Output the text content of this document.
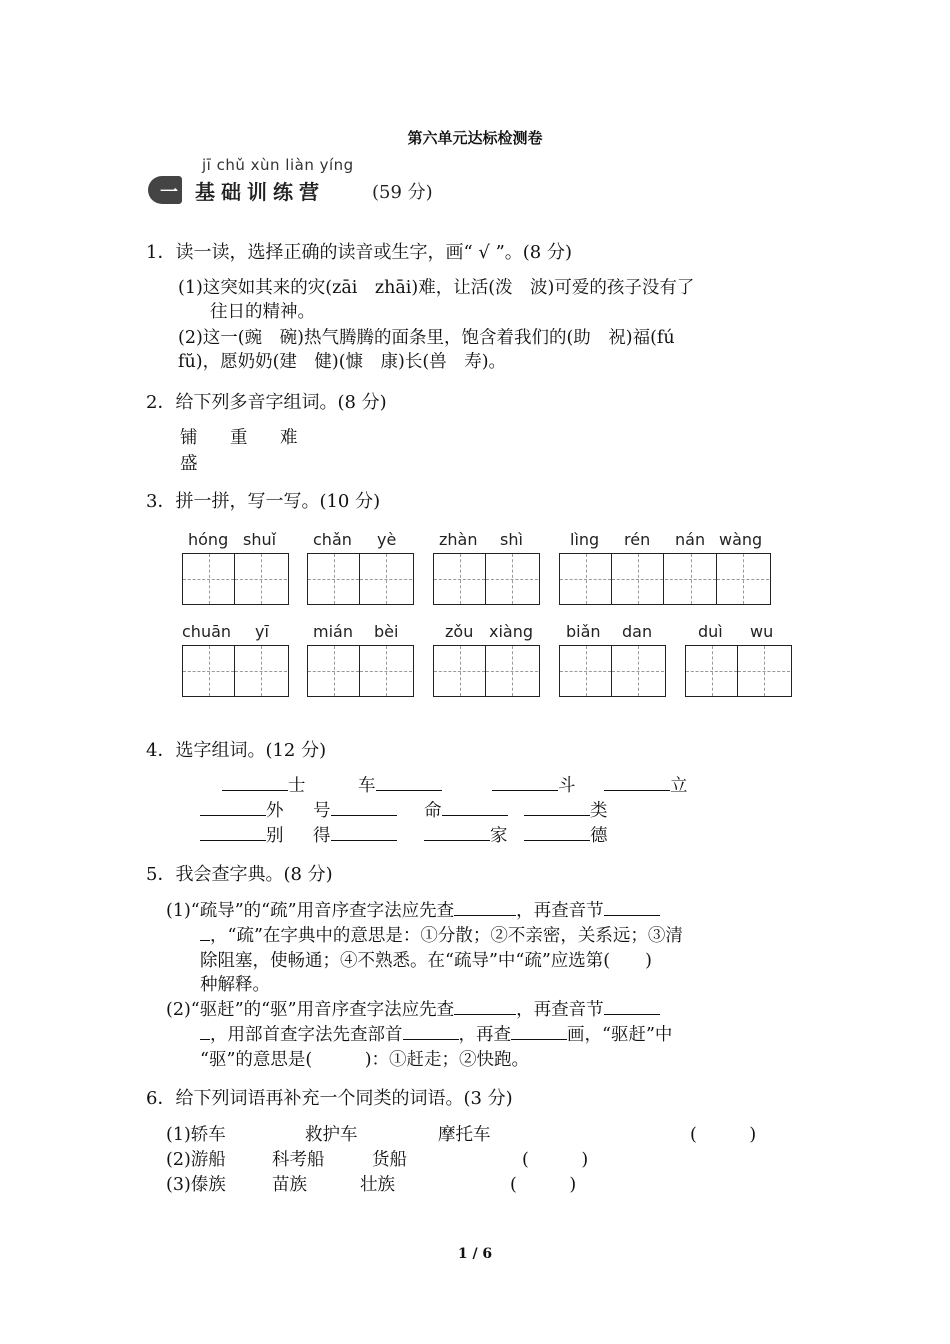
第六单元达标检测卷
jī chǔ xùn liàn yíng
一 基础训练营	(59 分)
1．读一读，选择正确的读音或生字，画“ √ ”。(8 分)
(1)这突如其来的灾(zāi　zhāi)难，让活(泼　波)可爱的孩子没有了
往日的精神。
(2)这一(豌　碗)热气腾腾的面条里，饱含着我们的(助　祝)福(fú
fŭ)，愿奶奶(建　健)(慷　康)长(兽　寿)。
2．给下列多音字组词。(8 分)
铺 重 难
盛
3．拼一拼，写一写。(10 分)
hóng shuǐ chǎn yè	zhàn shì	lìng rén nán wàng
chuān yī	mián bèi	zǒu xiàng biǎn dan	duì wu
4．选字组词。(12 分)
士	车	斗	立
外 号	命	类
别 得	家	德
5．我会查字典。(8 分)
(1)“疏导”的“疏”用音序查字法应先查	，再查音节
，“疏”在字典中的意思是：①分散；②不亲密，关系远；③清
除阻塞，使畅通；④不熟悉。在“疏导”中“疏”应选第(　　)
种解释。
(2)“驱赶”的“驱”用音序查字法应先查	，再查音节
，用部首查字法先查部首	，再查	画，“驱赶”中
“驱”的意思是(　　　)：①赶走；②快跑。
6．给下列词语再补充一个同类的词语。(3 分)
(1)轿车	救护车	摩托车	(　　　)
(2)游船	科考船	货船	(　　　)
(3)傣族	苗族	壮族	(　　　)
1 / 6
